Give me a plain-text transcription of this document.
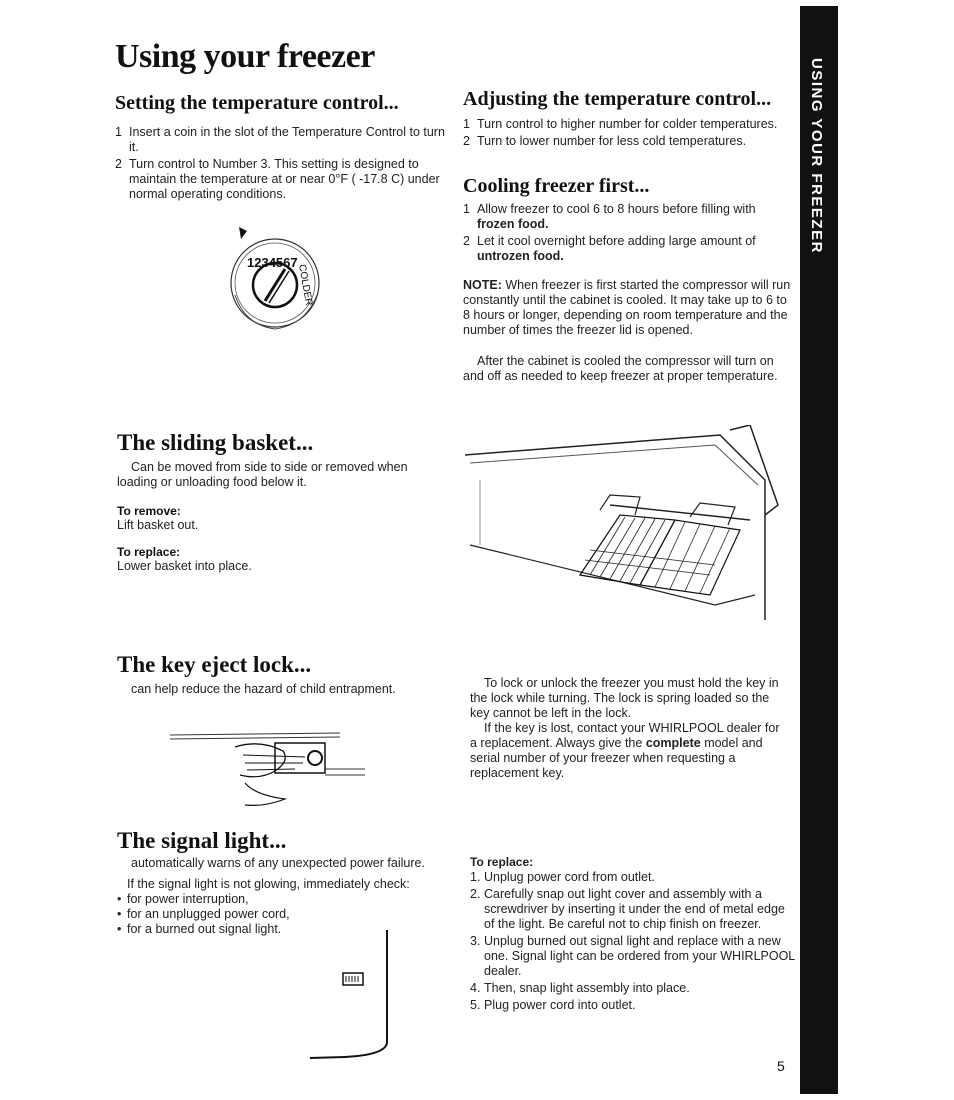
USING YOUR FREEZER
Using your freezer
Setting the temperature control...
1 Insert a coin in the slot of the Temperature Control to turn it.
2 Turn control to Number 3. This setting is designed to maintain the temperature at or near 0°F ( -17.8 C) under normal operating conditions.
1234567
COLDER
Adjusting the temperature control...
1 Turn control to higher number for colder temperatures.
2 Turn to lower number for less cold temperatures.
Cooling freezer first...
1 Allow freezer to cool 6 to 8 hours before filling with frozen food.
2 Let it cool overnight before adding large amount of untrozen food.

NOTE: When freezer is first started the compressor will run constantly until the cabinet is cooled. It may take up to 6 to 8 hours or longer, depending on room temperature and the number of times the freezer lid is opened.

After the cabinet is cooled the compressor will turn on and off as needed to keep freezer at proper temperature.

The sliding basket...

Can be moved from side to side or removed when loading or unloading food below it.

To remove:
Lift basket out.
To replace:
Lower basket into place.
The key eject lock...

can help reduce the hazard of child entrapment.	To lock or unlock the freezer you must hold the key in the lock while turning. The lock is spring loaded so the key cannot be left in the lock.

If the key is lost, contact your WHIRLPOOL dealer for a replacement. Always give the complete model and serial number of your freezer when requesting a replacement key.

The signal light...

automatically warns of any unexpected power failure.

If the signal light is not glowing, immediately check:

• for power interruption,
• for an unplugged power cord,
• for a burned out signal light.
To replace:
1. Unplug power cord from outlet.
2. Carefully snap out light cover and assembly with a screwdriver by inserting it under the end of metal edge of the light. Be careful not to chip finish on freezer.
3. Unplug burned out signal light and replace with a new one. Signal light can be ordered from your WHIRLPOOL dealer.
4. Then, snap light assembly into place.
5. Plug power cord into outlet.
5
